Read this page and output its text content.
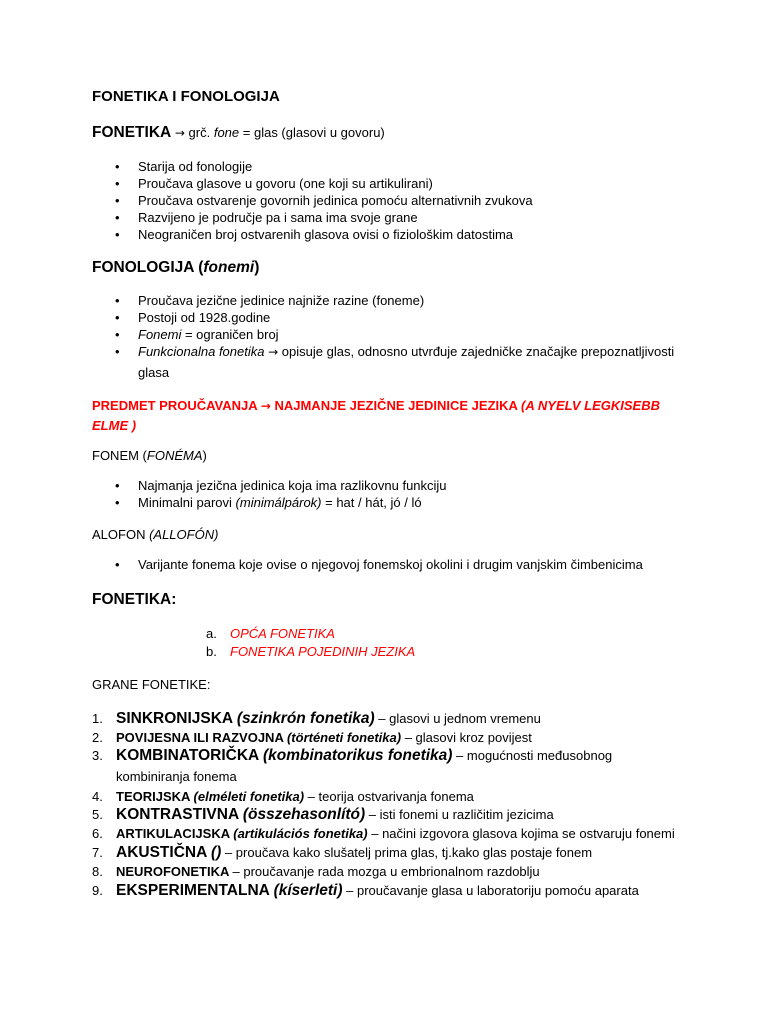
FONETIKA I FONOLOGIJA
FONETIKA → grč. fone = glas (glasovi u govoru)
• Starija od fonologije
• Proučava glasove u govoru (one koji su artikulirani)
• Proučava ostvarenje govornih jedinica pomoću alternativnih zvukova
• Razvijeno je područje pa i sama ima svoje grane
• Neograničen broj ostvarenih glasova ovisi o fiziološkim datostima
FONOLOGIJA (fonemi)
• Proučava jezične jedinice najniže razine (foneme)
• Postoji od 1928.godine
• Fonemi = ograničen broj
• Funkcionalna fonetika → opisuje glas, odnosno utvrđuje zajedničke značajke prepoznatljivosti
glasa
PREDMET PROUČAVANJA → NAJMANJE JEZIČNE JEDINICE JEZIKA (A NYELV LEGKISEBB
ELME )
FONEM (FONÉMA)
• Najmanja jezična jedinica koja ima razlikovnu funkciju
• Minimalni parovi (minimálpárok) = hat / hát, jó / ló
ALOFON (ALLOFÓN)
• Varijante fonema koje ovise o njegovoj fonemskoj okolini i drugim vanjskim čimbenicima
FONETIKA:
a. OPĆA FONETIKA
b. FONETIKA POJEDINIH JEZIKA
GRANE FONETIKE:
1. SINKRONIJSKA (szinkrón fonetika) – glasovi u jednom vremenu
2. POVIJESNA ILI RAZVOJNA (történeti fonetika) – glasovi kroz povijest
3. KOMBINATORIČKA (kombinatorikus fonetika) – mogućnosti međusobnog
kombiniranja fonema
4. TEORIJSKA (elméleti fonetika) – teorija ostvarivanja fonema
5. KONTRASTIVNA (összehasonlító) – isti fonemi u različitim jezicima
6. ARTIKULACIJSKA (artikulációs fonetika) – načini izgovora glasova kojima se ostvaruju fonemi
7. AKUSTIČNA () – proučava kako slušatelj prima glas, tj.kako glas postaje fonem
8. NEUROFONETIKA – proučavanje rada mozga u embrionalnom razdoblju
9. EKSPERIMENTALNA (kíserleti) – proučavanje glasa u laboratoriju pomoću aparata
